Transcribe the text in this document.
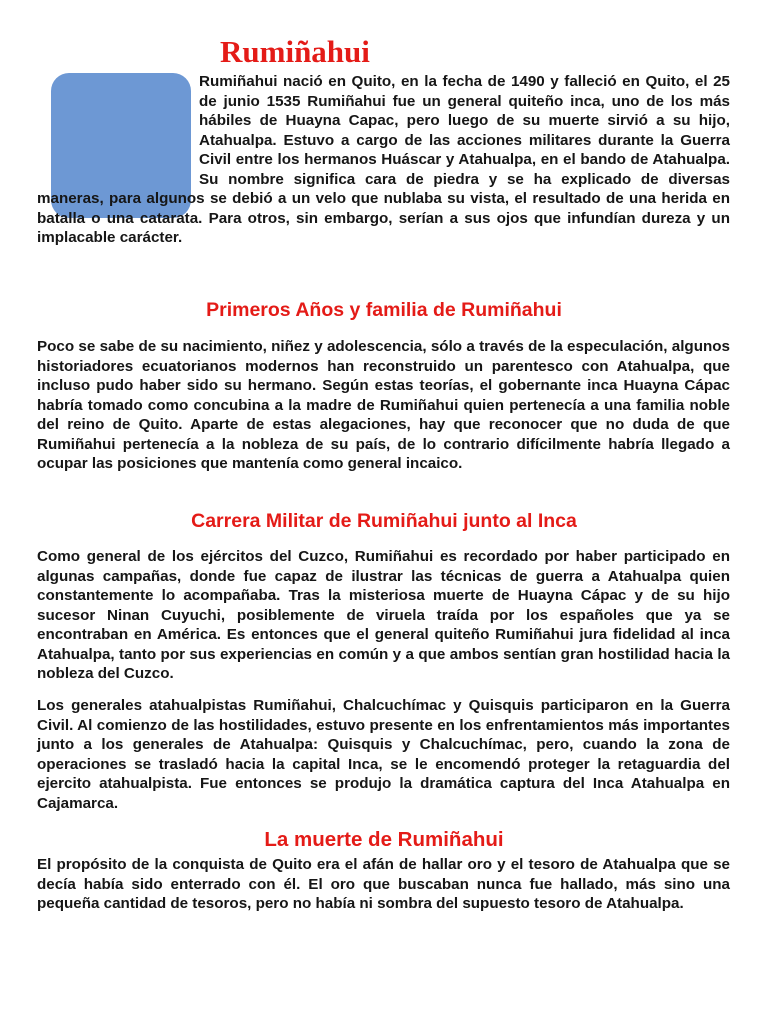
Rumiñahui

Rumiñahui nació en Quito, en la fecha de 1490 y falleció en Quito, el 25 de junio 1535 Rumiñahui fue un general quiteño inca, uno de los más hábiles de Huayna Capac, pero luego de su muerte sirvió a su hijo, Atahualpa. Estuvo a cargo de las acciones militares durante la Guerra Civil entre los hermanos Huáscar y Atahualpa, en el bando de Atahualpa. Su nombre significa cara de piedra y se ha explicado de diversas maneras, para algunos se debió a un velo que nublaba su vista, el resultado de una herida en batalla o una catarata. Para otros, sin embargo, serían a sus ojos que infundían dureza y un implacable carácter.

Primeros Años y familia de Rumiñahui

Poco se sabe de su nacimiento, niñez y adolescencia, sólo a través de la especulación, algunos historiadores ecuatorianos modernos han reconstruido un parentesco con Atahualpa, que incluso pudo haber sido su hermano. Según estas teorías, el gobernante inca Huayna Cápac habría tomado como concubina a la madre de Rumiñahui quien pertenecía a una familia noble del reino de Quito. Aparte de estas alegaciones, hay que reconocer que no duda de que Rumiñahui pertenecía a la nobleza de su país, de lo contrario difícilmente habría llegado a ocupar las posiciones que mantenía como general incaico.

Carrera Militar de Rumiñahui junto al Inca

Como general de los ejércitos del Cuzco, Rumiñahui es recordado por haber participado en algunas campañas, donde fue capaz de ilustrar las técnicas de guerra a Atahualpa quien constantemente lo acompañaba. Tras la misteriosa muerte de Huayna Cápac y de su hijo sucesor Ninan Cuyuchi, posiblemente de viruela traída por los españoles que ya se encontraban en América. Es entonces que el general quiteño Rumiñahui jura fidelidad al inca Atahualpa, tanto por sus experiencias en común y a que ambos sentían gran hostilidad hacia la nobleza del Cuzco.

Los generales atahualpistas Rumiñahui, Chalcuchímac y Quisquis participaron en la Guerra Civil. Al comienzo de las hostilidades, estuvo presente en los enfrentamientos más importantes junto a los generales de Atahualpa: Quisquis y Chalcuchímac, pero, cuando la zona de operaciones se trasladó hacia la capital Inca, se le encomendó proteger la retaguardia del ejercito atahualpista. Fue entonces se produjo la dramática captura del Inca Atahualpa en Cajamarca.

La muerte de Rumiñahui

El propósito de la conquista de Quito era el afán de hallar oro y el tesoro de Atahualpa que se decía había sido enterrado con él. El oro que buscaban nunca fue hallado, más sino una pequeña cantidad de tesoros, pero no había ni sombra del supuesto tesoro de Atahualpa.
